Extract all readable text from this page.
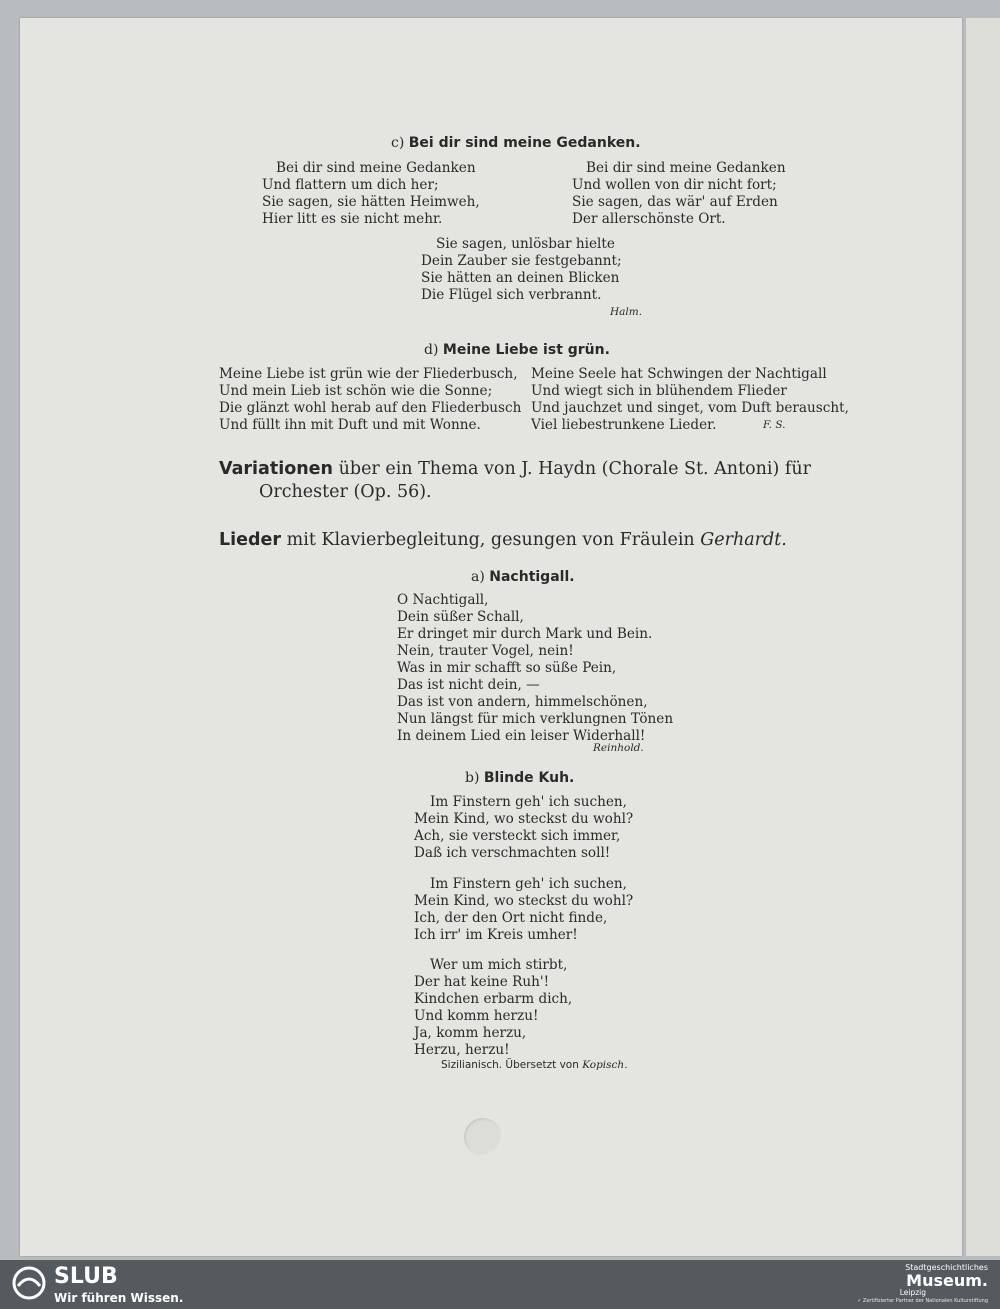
c) Bei dir sind meine Gedanken.
Bei dir sind meine Gedanken
Und flattern um dich her;
Sie sagen, sie hätten Heimweh,
Hier litt es sie nicht mehr.
Bei dir sind meine Gedanken
Und wollen von dir nicht fort;
Sie sagen, das wär' auf Erden
Der allerschönste Ort.
Sie sagen, unlösbar hielte
Dein Zauber sie festgebannt;
Sie hätten an deinen Blicken
Die Flügel sich verbrannt.
Halm.
d) Meine Liebe ist grün.
Meine Liebe ist grün wie der Fliederbusch,
Und mein Lieb ist schön wie die Sonne;
Die glänzt wohl herab auf den Fliederbusch
Und füllt ihn mit Duft und mit Wonne.
Meine Seele hat Schwingen der Nachtigall
Und wiegt sich in blühendem Flieder
Und jauchzet und singet, vom Duft berauscht,
Viel liebestrunkene Lieder.	F. S.
Variationen über ein Thema von J. Haydn (Chorale St. Antoni) für
Orchester (Op. 56).
Lieder mit Klavierbegleitung, gesungen von Fräulein Gerhardt.
a) Nachtigall.
O Nachtigall,
Dein süßer Schall,
Er dringet mir durch Mark und Bein.
Nein, trauter Vogel, nein!
Was in mir schafft so süße Pein,
Das ist nicht dein, —
Das ist von andern, himmelschönen,
Nun längst für mich verklungnen Tönen
In deinem Lied ein leiser Widerhall!
Reinhold.
b) Blinde Kuh.
Im Finstern geh' ich suchen,
Mein Kind, wo steckst du wohl?
Ach, sie versteckt sich immer,
Daß ich verschmachten soll!
Im Finstern geh' ich suchen,
Mein Kind, wo steckst du wohl?
Ich, der den Ort nicht finde,
Ich irr' im Kreis umher!
Wer um mich stirbt,
Der hat keine Ruh'!
Kindchen erbarm dich,
Und komm herzu!
Ja, komm herzu,
Herzu, herzu!
Sizilianisch. Übersetzt von Kopisch.
SLUB
Wir führen Wissen.
Stadtgeschichtliches
Museum.
Leipzig
✓ Zertifizierter Partner der Nationalen Kulturstiftung
